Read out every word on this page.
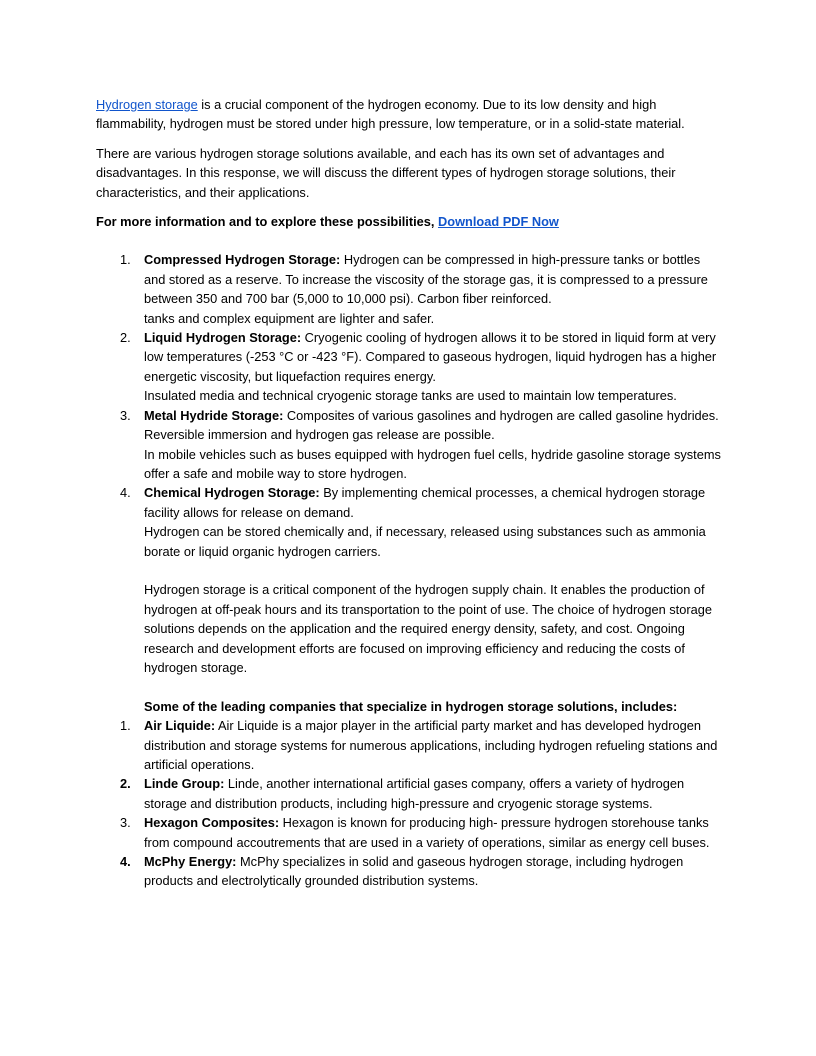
Hydrogen storage is a crucial component of the hydrogen economy. Due to its low density and high flammability, hydrogen must be stored under high pressure, low temperature, or in a solid-state material.

There are various hydrogen storage solutions available, and each has its own set of advantages and disadvantages. In this response, we will discuss the different types of hydrogen storage solutions, their characteristics, and their applications.

For more information and to explore these possibilities, Download PDF Now

1.	Compressed Hydrogen Storage: Hydrogen can be compressed in high-pressure tanks or bottles and stored as a reserve. To increase the viscosity of the storage gas, it is compressed to a pressure between 350 and 700 bar (5,000 to 10,000 psi). Carbon fiber reinforced.
tanks and complex equipment are lighter and safer.
2.	Liquid Hydrogen Storage: Cryogenic cooling of hydrogen allows it to be stored in liquid form at very low temperatures (-253 °C or -423 °F). Compared to gaseous hydrogen, liquid hydrogen has a higher energetic viscosity, but liquefaction requires energy.
Insulated media and technical cryogenic storage tanks are used to maintain low temperatures.
3.	Metal Hydride Storage: Composites of various gasolines and hydrogen are called gasoline hydrides. Reversible immersion and hydrogen gas release are possible.
In mobile vehicles such as buses equipped with hydrogen fuel cells, hydride gasoline storage systems offer a safe and mobile way to store hydrogen.
4.	Chemical Hydrogen Storage: By implementing chemical processes, a chemical hydrogen storage facility allows for release on demand.
Hydrogen can be stored chemically and, if necessary, released using substances such as ammonia borate or liquid organic hydrogen carriers.
Hydrogen storage is a critical component of the hydrogen supply chain. It enables the production of hydrogen at off-peak hours and its transportation to the point of use. The choice of hydrogen storage solutions depends on the application and the required energy density, safety, and cost. Ongoing research and development efforts are focused on improving efficiency and reducing the costs of hydrogen storage.
Some of the leading companies that specialize in hydrogen storage solutions, includes:
1.	Air Liquide: Air Liquide is a major player in the artificial party market and has developed hydrogen distribution and storage systems for numerous applications, including hydrogen refueling stations and artificial operations.
2.	Linde Group: Linde, another international artificial gases company, offers a variety of hydrogen storage and distribution products, including high-pressure and cryogenic storage systems.
3.	Hexagon Composites: Hexagon is known for producing high- pressure hydrogen storehouse tanks from compound accoutrements that are used in a variety of operations, similar as energy cell buses.
4.	McPhy Energy: McPhy specializes in solid and gaseous hydrogen storage, including hydrogen products and electrolytically grounded distribution systems.
